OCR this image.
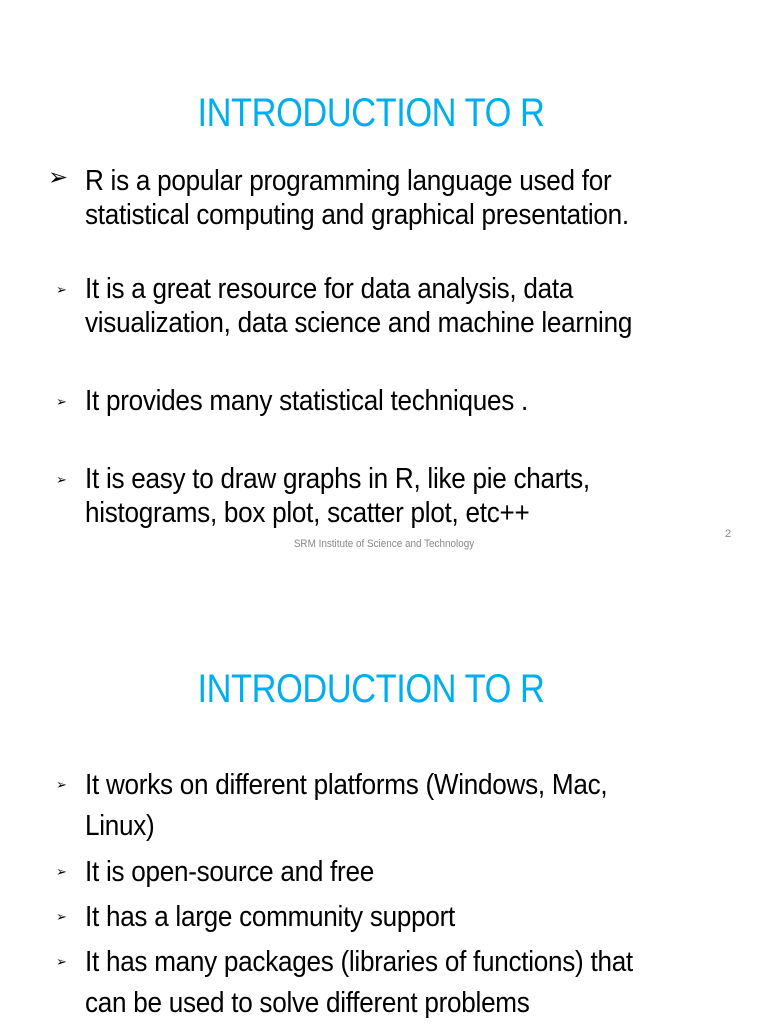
INTRODUCTION TO R
➢ R is a popular programming language used for
statistical computing and graphical presentation.
➢ It is a great resource for data analysis, data
visualization, data science and machine learning
➢ It provides many statistical techniques .
➢ It is easy to draw graphs in R, like pie charts,
histograms, box plot, scatter plot, etc++
SRM Institute of Science and Technology
2
INTRODUCTION TO R
➢ It works on different platforms (Windows, Mac,
Linux)
➢ It is open-source and free
➢ It has a large community support
➢ It has many packages (libraries of functions) that
can be used to solve different problems
